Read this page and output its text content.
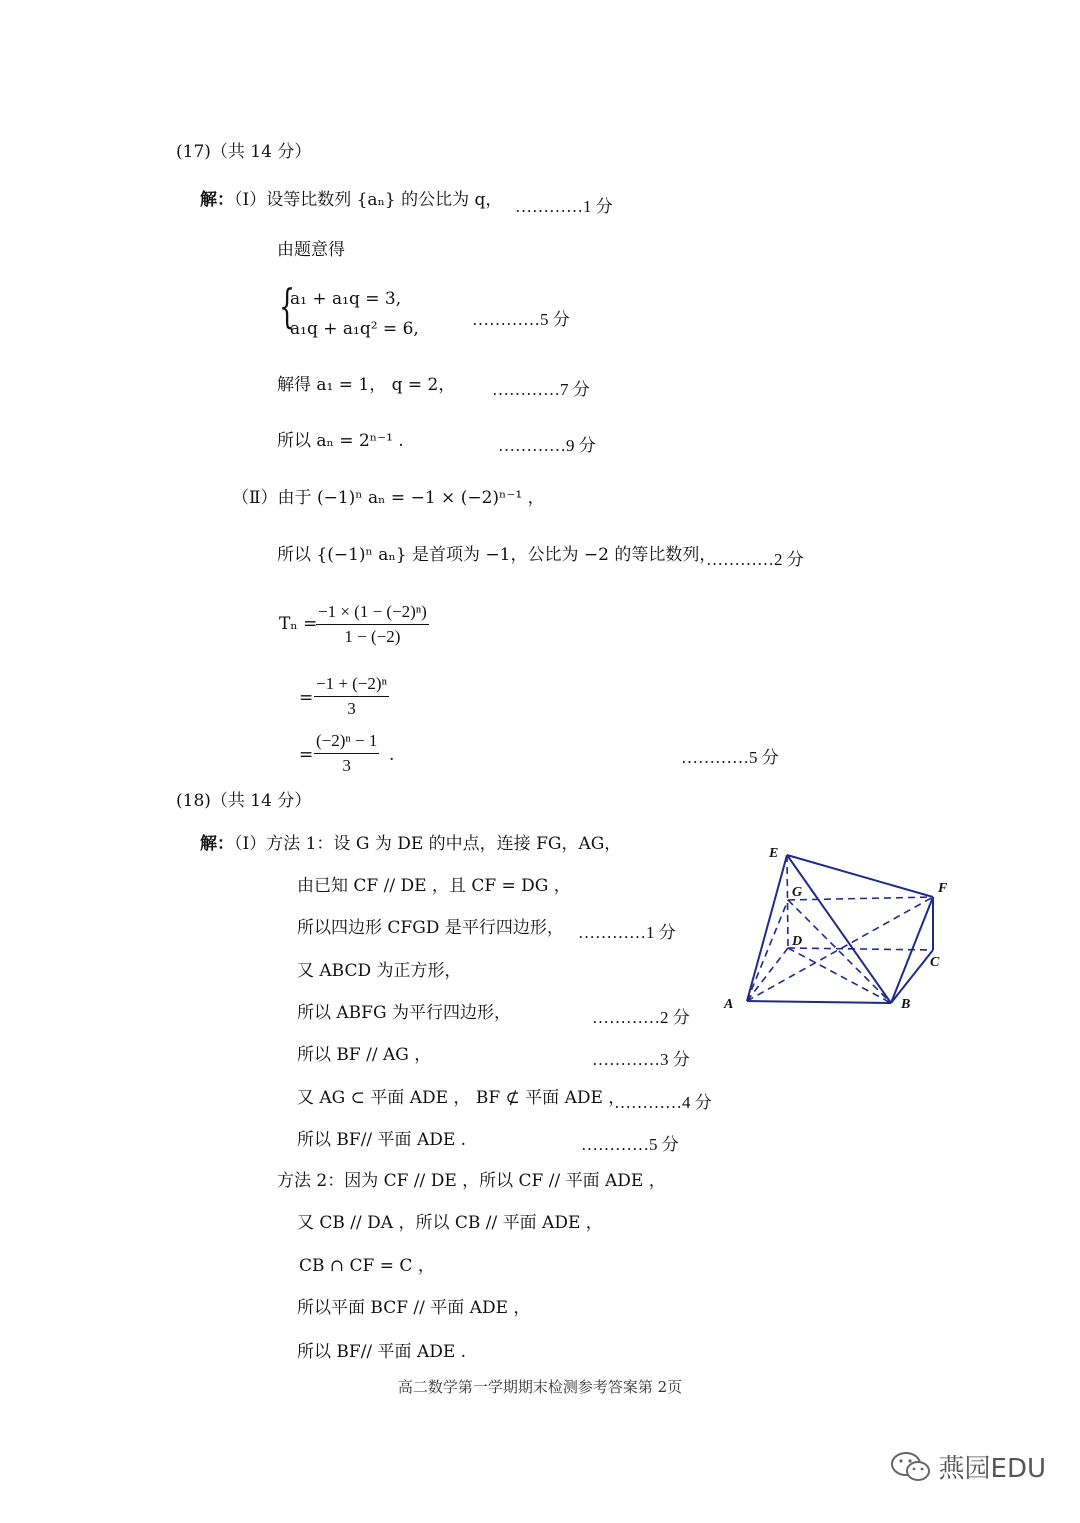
(17)（共 14 分）
解：（Ⅰ）设等比数列 {aₙ} 的公比为 q， …………1 分
由题意得
{
a₁ + a₁q = 3,
a₁q + a₁q² = 6,	…………5 分
解得 a₁ = 1， q = 2， …………7 分
所以 aₙ = 2ⁿ⁻¹ .	…………9 分
（Ⅱ）由于 (−1)ⁿ aₙ = −1 × (−2)ⁿ⁻¹ ，
所以 {(−1)ⁿ aₙ} 是首项为 −1，公比为 −2 的等比数列，
…………2 分
Tₙ =
$\frac{\text{−1 × (1 − (−2)ⁿ)}}{1 - (-2)}$
= $\frac{\text{−1 + (−2)ⁿ}}{3}$
= $\frac{\text{(−2)ⁿ − 1}}{3}$ .	…………5 分
(18)（共 14 分）
解：（Ⅰ）方法 1：设 G 为 DE 的中点，连接 FG，AG，
由已知 CF // DE ，且 CF = DG ，
所以四边形 CFGD 是平行四边形， …………1 分
又 ABCD 为正方形，
所以 ABFG 为平行四边形，	…………2 分
所以 BF // AG ，	…………3 分
又 AG ⊂ 平面 ADE ， BF ⊄ 平面 ADE ，
…………4 分
所以 BF// 平面 ADE .	…………5 分
方法 2：因为 CF // DE ，所以 CF // 平面 ADE ，
又 CB // DA ，所以 CB // 平面 ADE ，
CB ∩ CF = C ，
所以平面 BCF // 平面 ADE ，
所以 BF// 平面 ADE .
E
G	F
D
C
A	B
高二数学第一学期期末检测参考答案第 2页
燕园EDU
